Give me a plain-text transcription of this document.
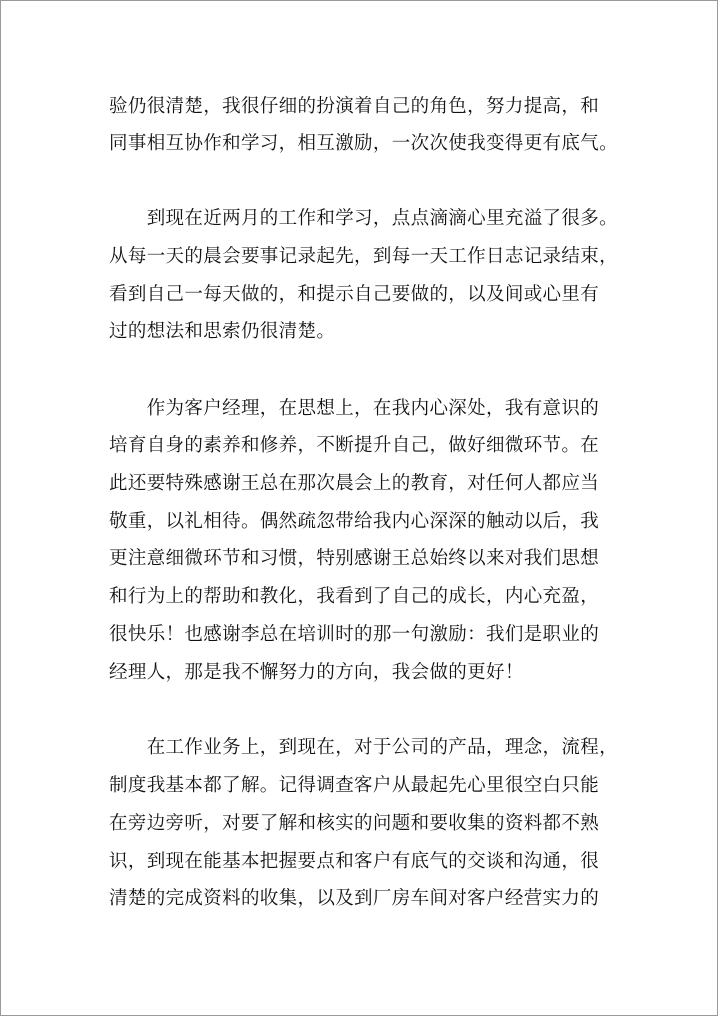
验仍很清楚，我很仔细的扮演着自己的角色，努力提高，和
同事相互协作和学习，相互激励，一次次使我变得更有底气。
　　到现在近两月的工作和学习，点点滴滴心里充溢了很多。
从每一天的晨会要事记录起先，到每一天工作日志记录结束，
看到自己一每天做的，和提示自己要做的，以及间或心里有
过的想法和思索仍很清楚。
　　作为客户经理，在思想上，在我内心深处，我有意识的
培育自身的素养和修养，不断提升自己，做好细微环节。在
此还要特殊感谢王总在那次晨会上的教育，对任何人都应当
敬重，以礼相待。偶然疏忽带给我内心深深的触动以后，我
更注意细微环节和习惯，特别感谢王总始终以来对我们思想
和行为上的帮助和教化，我看到了自己的成长，内心充盈，
很快乐！也感谢李总在培训时的那一句激励：我们是职业的
经理人，那是我不懈努力的方向，我会做的更好！
　　在工作业务上，到现在，对于公司的产品，理念，流程，
制度我基本都了解。记得调查客户从最起先心里很空白只能
在旁边旁听，对要了解和核实的问题和要收集的资料都不熟
识，到现在能基本把握要点和客户有底气的交谈和沟通，很
清楚的完成资料的收集，以及到厂房车间对客户经营实力的
